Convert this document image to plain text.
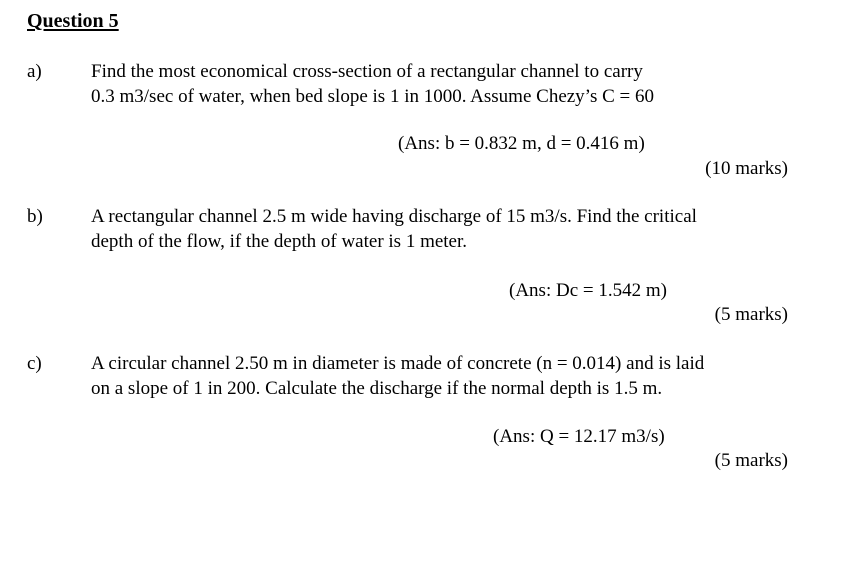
Question 5
a)	Find the most economical cross-section of a rectangular channel to carry
0.3 m3/sec of water, when bed slope is 1 in 1000. Assume Chezy’s C = 60
(Ans: b = 0.832 m, d = 0.416 m)
(10 marks)
b)	A rectangular channel 2.5 m wide having discharge of 15 m3/s. Find the critical
depth of the flow, if the depth of water is 1 meter.
(Ans: Dc = 1.542 m)
(5 marks)
c)	A circular channel 2.50 m in diameter is made of concrete (n = 0.014) and is laid
on a slope of 1 in 200. Calculate the discharge if the normal depth is 1.5 m.
(Ans: Q = 12.17 m3/s)
(5 marks)
